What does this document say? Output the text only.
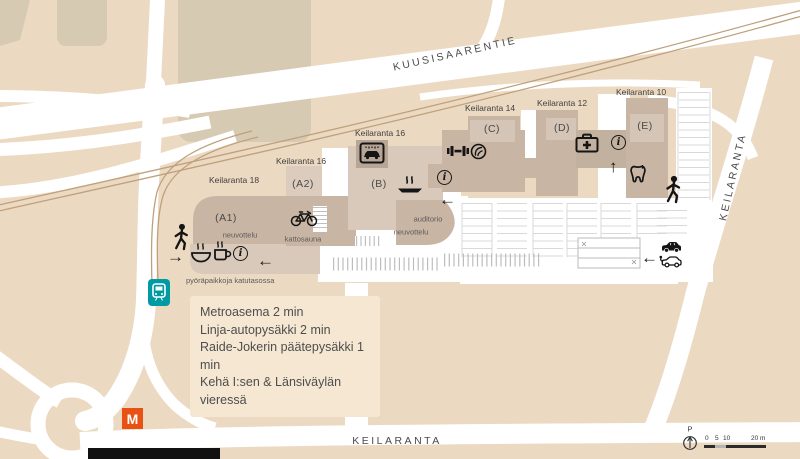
KUUSISAARENTIE
KEILARANTA
KEILARANTA
Keilaranta 18
(A1)
Keilaranta 16
(A2)
Keilaranta 16
(B)
Keilaranta 14
(C)
Keilaranta 12
(D)
Keilaranta 10
(E)
neuvottelu	kattosauna
auditorio
neuvottelu
pyöräpaikkoja katutasossa
Metroasema 2 min
Linja-autopysäkki 2 min
Raide-Jokerin päätepysäkki 1 min
Kehä I:sen & Länsiväylän vieressä
→	i ←
i
←
i
↑
←
M
P
0 5 10	20 m
